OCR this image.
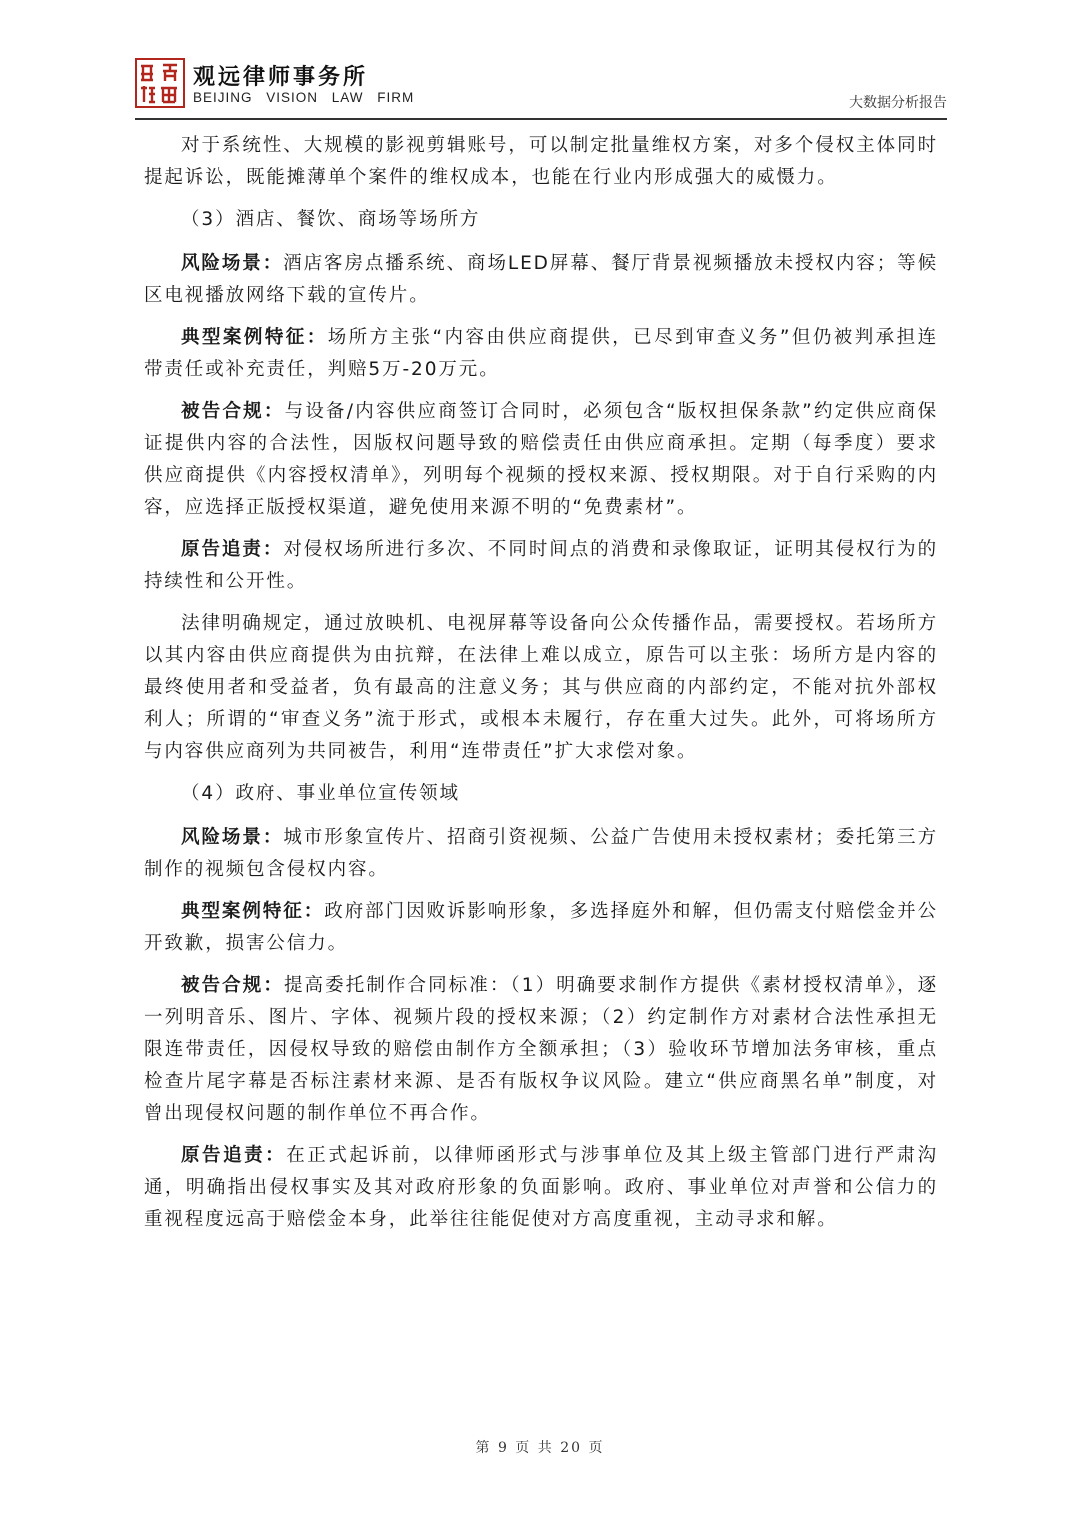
观远律师事务所
BEIJING VISION LAW FIRM	大数据分析报告

对于系统性、大规模的影视剪辑账号，可以制定批量维权方案，对多个侵权主体同时提起诉讼，既能摊薄单个案件的维权成本，也能在行业内形成强大的威慑力。

（3）酒店、餐饮、商场等场所方

风险场景：酒店客房点播系统、商场LED屏幕、餐厅背景视频播放未授权内容；等候区电视播放网络下载的宣传片。

典型案例特征：场所方主张“内容由供应商提供，已尽到审查义务”但仍被判承担连带责任或补充责任，判赔5万-20万元。

被告合规：与设备/内容供应商签订合同时，必须包含“版权担保条款”约定供应商保证提供内容的合法性，因版权问题导致的赔偿责任由供应商承担。定期（每季度）要求供应商提供《内容授权清单》，列明每个视频的授权来源、授权期限。对于自行采购的内容，应选择正版授权渠道，避免使用来源不明的“免费素材”。

原告追责：对侵权场所进行多次、不同时间点的消费和录像取证，证明其侵权行为的持续性和公开性。

法律明确规定，通过放映机、电视屏幕等设备向公众传播作品，需要授权。若场所方以其内容由供应商提供为由抗辩，在法律上难以成立，原告可以主张：场所方是内容的最终使用者和受益者，负有最高的注意义务；其与供应商的内部约定，不能对抗外部权利人；所谓的“审查义务”流于形式，或根本未履行，存在重大过失。此外，可将场所方与内容供应商列为共同被告，利用“连带责任”扩大求偿对象。

（4）政府、事业单位宣传领域

风险场景：城市形象宣传片、招商引资视频、公益广告使用未授权素材；委托第三方制作的视频包含侵权内容。

典型案例特征：政府部门因败诉影响形象，多选择庭外和解，但仍需支付赔偿金并公开致歉，损害公信力。

被告合规：提高委托制作合同标准：（1）明确要求制作方提供《素材授权清单》，逐一列明音乐、图片、字体、视频片段的授权来源；（2）约定制作方对素材合法性承担无限连带责任，因侵权导致的赔偿由制作方全额承担；（3）验收环节增加法务审核，重点检查片尾字幕是否标注素材来源、是否有版权争议风险。建立“供应商黑名单”制度，对曾出现侵权问题的制作单位不再合作。

原告追责：在正式起诉前，以律师函形式与涉事单位及其上级主管部门进行严肃沟通，明确指出侵权事实及其对政府形象的负面影响。政府、事业单位对声誉和公信力的重视程度远高于赔偿金本身，此举往往能促使对方高度重视，主动寻求和解。

第 9 页 共 20 页
